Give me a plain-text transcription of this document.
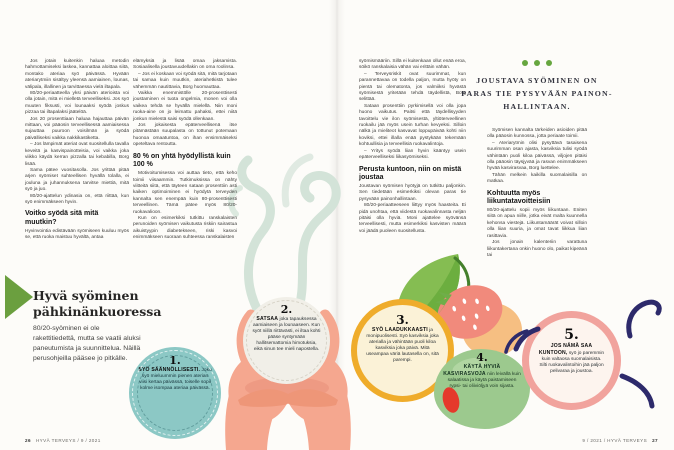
Jos jotain kuitenkin haluaa metodin hahmottamiseksi laskea, kannattaa aloittaa siitä, montako ateriaa syö päivässä. Hyvään ateriarytmiin sisältyy yleensä aamiainen, lounas, välipala, illallinen ja tarvittaessa vielä iltapala.

80/20-periaatteella yksi päivän aterioista voi olla jotain, mitä ei mielletä terveelliseksi. Jos syö muuten fiksusti, voi lounaaksi syödä joskus pizzaa tai iltapalaksi jäätelöä.

Jos 20 prosenttiaan haluaa hajauttaa päivän mittaan, voi pääosin terveellisessä aamiaisessa sujauttaa puuroon voisilmän ja syödä päivälliseksi vaikka nakkikastiketta.

– Jos lämpimät ateriat ovat suositellulla tavalla keveitä ja kasvispainotteisia, voi vaikka joka viikko käydä kerran pizzalla tai kebabilla, Borg lisää.

Sama pätee vuositasolla. Jos yrittää pitää arjen syömiset suhteellisen hyvällä tolalla, ei jouluna ja juhannuksena tarvitse miettiä, mitä syö ja juo.

80/20-ajattelun ydinasia on, että riittää, kun syö enimmäkseen hyvin.

Voitko syödä sitä mitä muutkin?

Hyvinvointia edistävään syömiseen kuuluu myös se, että ruoka maistuu hyvältä, antaa

elämyksiä ja lisää omaa jaksamista. Sosiaalisella joustavuudellakin on oma roolinsa.

– Jos ei koskaan voi syödä sitä, mitä tarjotaan tai samaa kuin muutkin, ateriahetkistä tulee vähemmän nautittavia, Borg huomauttaa.

Vaikka enemmistölle 20-prosenttisesti joustaminen ei tuota ongelmia, monen voi olla vaikea tehdä se hyvällä mielellä. Niin moni ruoka-aine on jo leimattu pahaksi, ettei niitä jonkun mielestä saisi syödä ollenkaan.

Jos jokaisesta epäterveellisenä itse pitämästään suupalasta on tottunut potemaan huonoa omaatuntoa, on ihan ensimmäiseksi opeteltava rentoutta.

80 % on yhtä hyödyllistä kuin 100 %

Motivoitumisessa voi auttaa tieto, että keho toimii viisaammin. Tutkimuksissa on nähty viitteitä siitä, että täyteen sataan prosenttiin asti kaiken optimoiminen ei hyödytä terveyden kannalta sen enempää kuin 80-prosenttisesti terveellinen. Tämä pätee myös 80/20-ruokavalioon.

Kun on esimerkiksi tutkittu ranskalaisten perunoiden syömisen vaikutusta riskiin sairastua aikuistyypin diabetekseen, riski kasvoi enimmäkseen suoraan suhteessa ranskalaisten

syömismääriin. Sillä ei kuitenkaan ollut enää eroa, söikö ranskalaisia vähän vai erittäin vähän.

– Terveysriskit ovat suurimmat, kun parannettavaa on todella paljon, mutta hyöty on pientä tai olematonta, jos valmiiksi hyvästä syömisestä yritetään tehdä täydellistä, Borg selittää.

Sataan prosenttiin pyrkimisellä voi olla jopa huono vaikutus. Paitsi että täydellisyyden tavoittelu vie ilon syömisestä, yltiöterveellinen ruokailu jää myös usein turhan kevyeksi. Silloin nälkä ja mieliteot kasvavat loppupäivää kohti niin koviksi, ettei illalla enää pystykään tekemään kohtuullisia ja terveellisiä ruokavalintoja.

– Yritys syödä liian hyvin kääntyy usein epäterveelliseksi liikasyömiseksi.

Perusta kuntoon, niin on mistä joustaa

Joustavan syömisen hyötyjä on tutkittu paljonkin. Sen tiedetään esimerkiksi olevan paras tie pysyvään painonhallintaan.

80/20-periaatteeseen liittyy myös haasteita. Ei pidä unohtaa, että viidestä ruokavalinnasta neljän pitäisi olla hyviä. Moni ajattelee syövänsä terveellisesti, mutta esimerkiksi kasvisten määrä voi jäädä puoleen suositellusta.

Syömisen kannalta tärkeiden asioiden pitää olla pääosin kunnossa, jotta periaate toimii.

– Ateriarytmin olisi pysyttävä tasaisena suurimman osan ajasta, kasviksia tulisi syödä vähintään puoli kiloa päivässä, viljojen pitäisi olla pääosin täysjyvää ja rasvan enimmäkseen hyvää kasvirasvaa, Borg luettelee.

Tähän melkein kaikilla suomalaisilla on matkaa.

Kohtuutta myös liikuntatavoitteisiin

80/20-ajattelu sopii myös liikuntaan. Eniten siitä on apua niille, jotka eivät malta kuunnella kehonsa viestejä. Liikuntamäärät voivat silloin olla liian suuria, ja omat tavat liikkua liian rasittavia.

Jos jonain kalenteriin varattuna liikuntakertana onkin huono olo, paikat kipeänä tai

JOUSTAVA SYÖMINEN ON
PARAS TIE PYSYVÄÄN PAINON-
HALLINTAAN.
Hyvä syöminen
pähkinänkuoressa

80/20-syöminen ei ole rakettitiedettä, mutta se vaatii aluksi paneutumista ja suunnittelua. Näillä perusohjeilla pääsee jo pitkälle.	1.
SYÖ SÄÄNNÖLLISESTI. Joku syö mieluummin pienen aterian viisi kertaa päivässä, toiselle sopii kolme isompaa ateriaa päivässä.
2.
SATSAA joka tapauksessa aamiaiseen ja lounaaseen. Kun syöt niillä riittävästi, ei iltaa kohti pääse syntymään hallitsemattomia himotuksia, eikä sinun tee mieli napostella.
3.
SYÖ LAADUKKAASTI ja monipuolisesti. Syö kasviksia joka aterialla ja vähintään puoli kiloa kasviksia joka päivä. Mitä useampaa väriä lautasella on, sitä parempi.	4.
KÄYTÄ HYVIÄ KASVIRASVOJA niin leivällä kuin salaatissa ja käytä paistamiseen rypsi- tai oliiviöljyä voin sijasta.
5.
JOS NÄMÄ SAA KUNTOON, syö jo paremmin kuin valtaosa suomalaisista. Silti ruokavalintoihin jää paljon pelivaraa ja joustoa.
26 HYVÄ TERVEYS / 9 / 2021	9 / 2021 / HYVÄ TERVEYS 27
